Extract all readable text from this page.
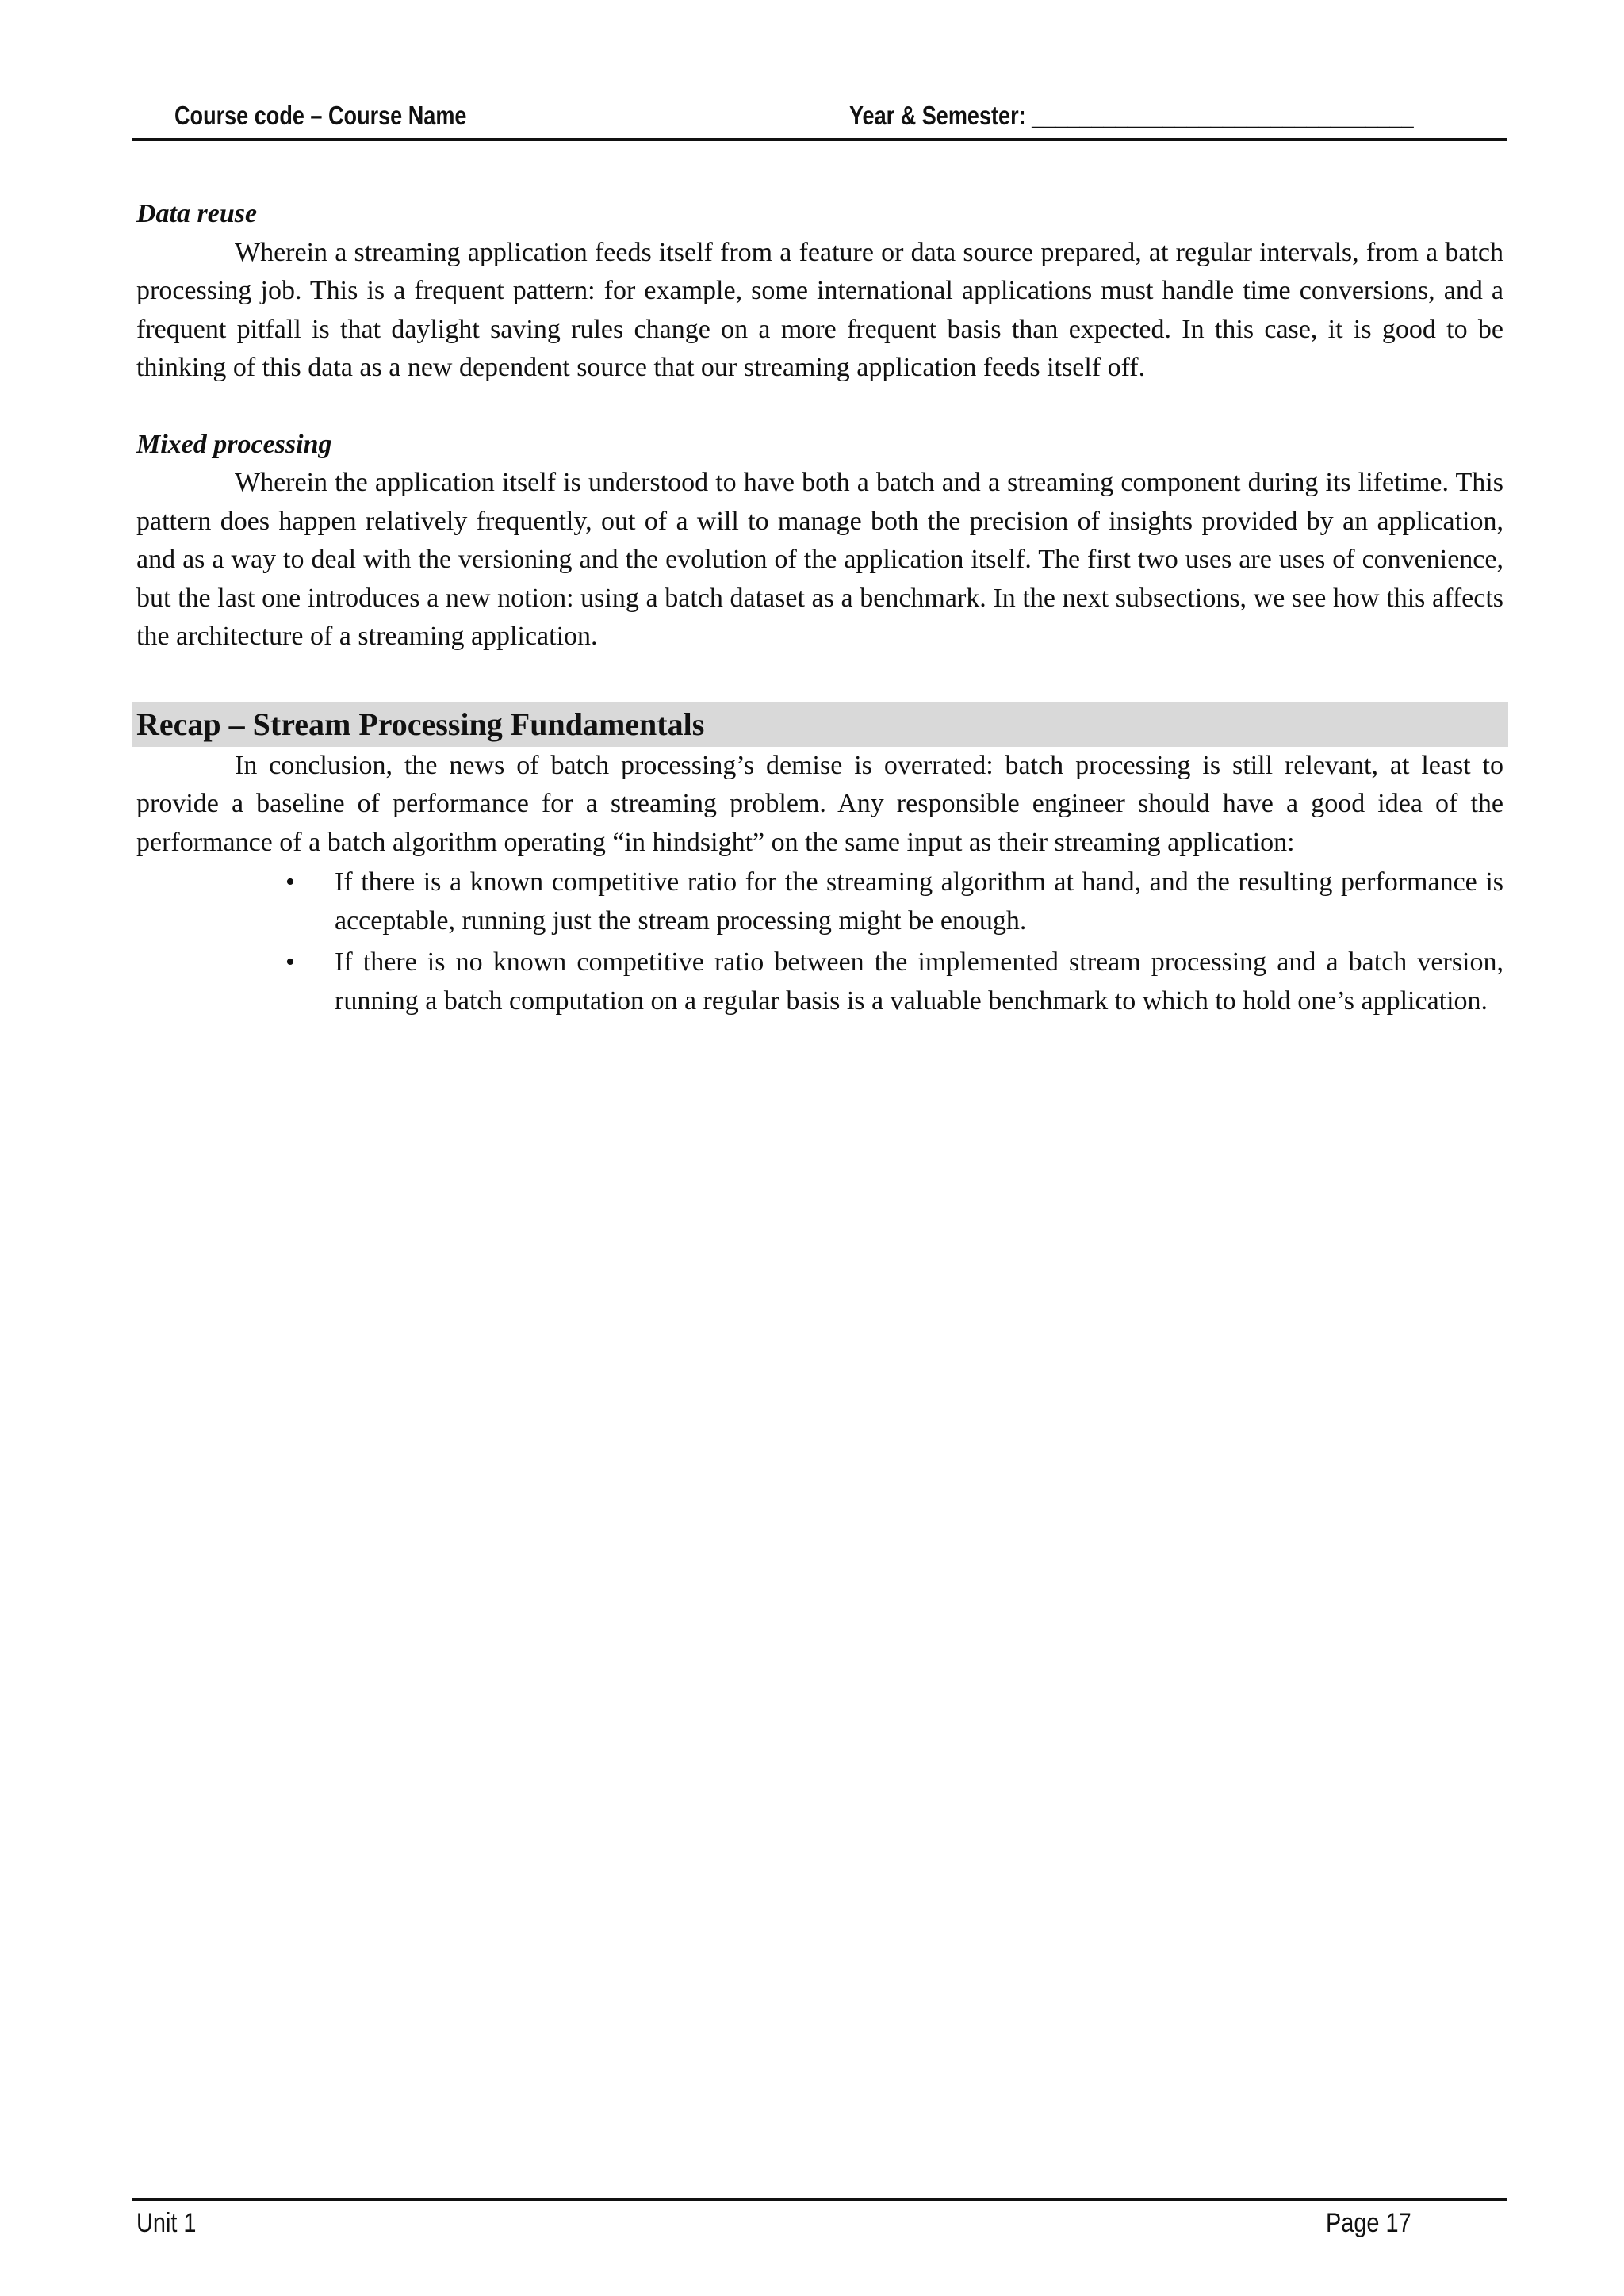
Course code – Course Name	Year & Semester: ________________________________

Data reuse

Wherein a streaming application feeds itself from a feature or data source prepared, at regular intervals, from a batch processing job. This is a frequent pattern: for example, some international applications must handle time conversions, and a frequent pitfall is that daylight saving rules change on a more frequent basis than expected. In this case, it is good to be thinking of this data as a new dependent source that our streaming application feeds itself off.

Mixed processing

Wherein the application itself is understood to have both a batch and a streaming component during its lifetime. This pattern does happen relatively frequently, out of a will to manage both the precision of insights provided by an application, and as a way to deal with the versioning and the evolution of the application itself. The first two uses are uses of convenience, but the last one introduces a new notion: using a batch dataset as a benchmark. In the next subsections, we see how this affects the architecture of a streaming application.

Recap – Stream Processing Fundamentals

In conclusion, the news of batch processing’s demise is overrated: batch processing is still relevant, at least to provide a baseline of performance for a streaming problem. Any responsible engineer should have a good idea of the performance of a batch algorithm operating “in hindsight” on the same input as their streaming application:

• If there is a known competitive ratio for the streaming algorithm at hand, and the resulting performance is acceptable, running just the stream processing might be enough.
• If there is no known competitive ratio between the implemented stream processing and a batch version, running a batch computation on a regular basis is a valuable benchmark to which to hold one’s application.
Unit 1	Page 17
